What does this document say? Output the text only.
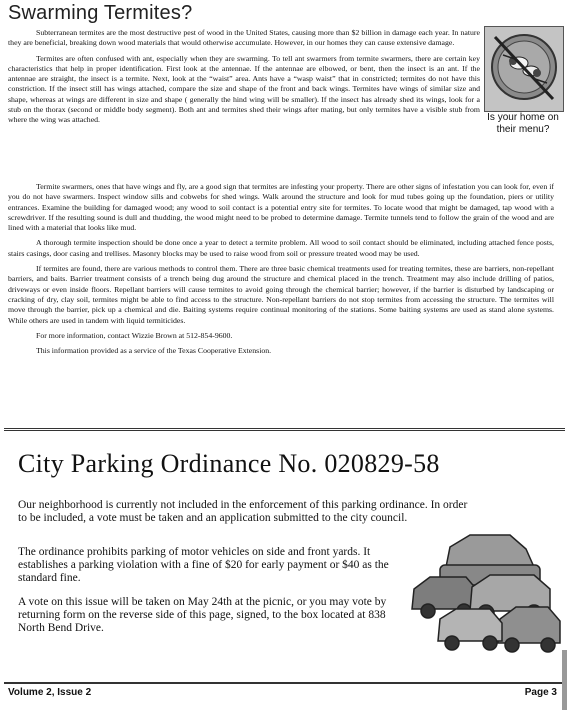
Swarming Termites?

Subterranean termites are the most destructive pest of wood in the United States, causing more than $2 billion in damage each year. In nature they are beneficial, breaking down wood materials that would otherwise accumulate. However, in our homes they can cause extensive damage.

Termites are often confused with ant, especially when they are swarming. To tell ant swarmers from termite swarmers, there are certain key characteristics that help in proper identification. First look at the antennae. If the antennae are elbowed, or bent, then the insect is an ant. If the antennae are straight, the insect is a termite. Next, look at the “waist” area. Ants have a “wasp waist” that in constricted; termites do not have this constriction. If the insect still has wings attached, compare the size and shape of the front and back wings. Termites have wings of similar size and shape, whereas at wings are different in size and shape ( generally the hind wing will be smaller). If the insect has already shed its wings, look for a stub on the thorax (second or middle body segment). Both ant and termites shed their wings after mating, but only termites have a visible stub from where the wing was attached.	Is your home on their menu?

Termite swarmers, ones that have wings and fly, are a good sign that termites are infesting your property. There are other signs of infestation you can look for, even if you do not have swarmers. Inspect window sills and cobwebs for shed wings. Walk around the structure and look for mud tubes going up the foundation, piers or utility entrances. Examine the building for damaged wood; any wood to soil contact is a potential entry site for termites. To locate wood that might be damaged, tap wood with a screwdriver. If the resulting sound is dull and thudding, the wood might need to be probed to determine damage. Termite tunnels tend to follow the grain of the wood and are lined with a material that looks like mud.

A thorough termite inspection should be done once a year to detect a termite problem. All wood to soil contact should be eliminated, including attached fence posts, stairs casings, door casing and trellises. Masonry blocks may be used to raise wood from soil or pressure treated wood may be used.

If termites are found, there are various methods to control them. There are three basic chemical treatments used for treating termites, these are barriers, non-repellant barriers, and baits. Barrier treatment consists of a trench being dug around the structure and chemical placed in the trench. Treatment may also include drilling of patios, driveways or even inside floors. Repellant barriers will cause termites to avoid going through the chemical barrier; however, if the barrier is disturbed by landscaping or cracking of dry, clay soil, termites might be able to find access to the structure. Non-repellant barriers do not stop termites from accessing the structure. The termites will move through the barrier, pick up a chemical and die. Baiting systems require continual monitoring of the stations. Some baiting systems are used as stand alone systems. While others are used in tandem with liquid termiticides.

For more information, contact Wizzie Brown at 512-854-9600.

This information provided as a service of the Texas Cooperative Extension.

City Parking Ordinance No. 020829-58

Our neighborhood is currently not included in the enforcement of this parking ordinance. In order to be included, a vote must be taken and an application submitted to the city council.

The ordinance prohibits parking of motor vehicles on side and front yards. It establishes a parking violation with a fine of $20 for early payment or $40 as the standard fine.

A vote on this issue will be taken on May 24th at the picnic, or you may vote by returning form on the reverse side of this page, signed, to the box located at 838 North Bend Drive.

Volume 2, Issue 2	Page 3
